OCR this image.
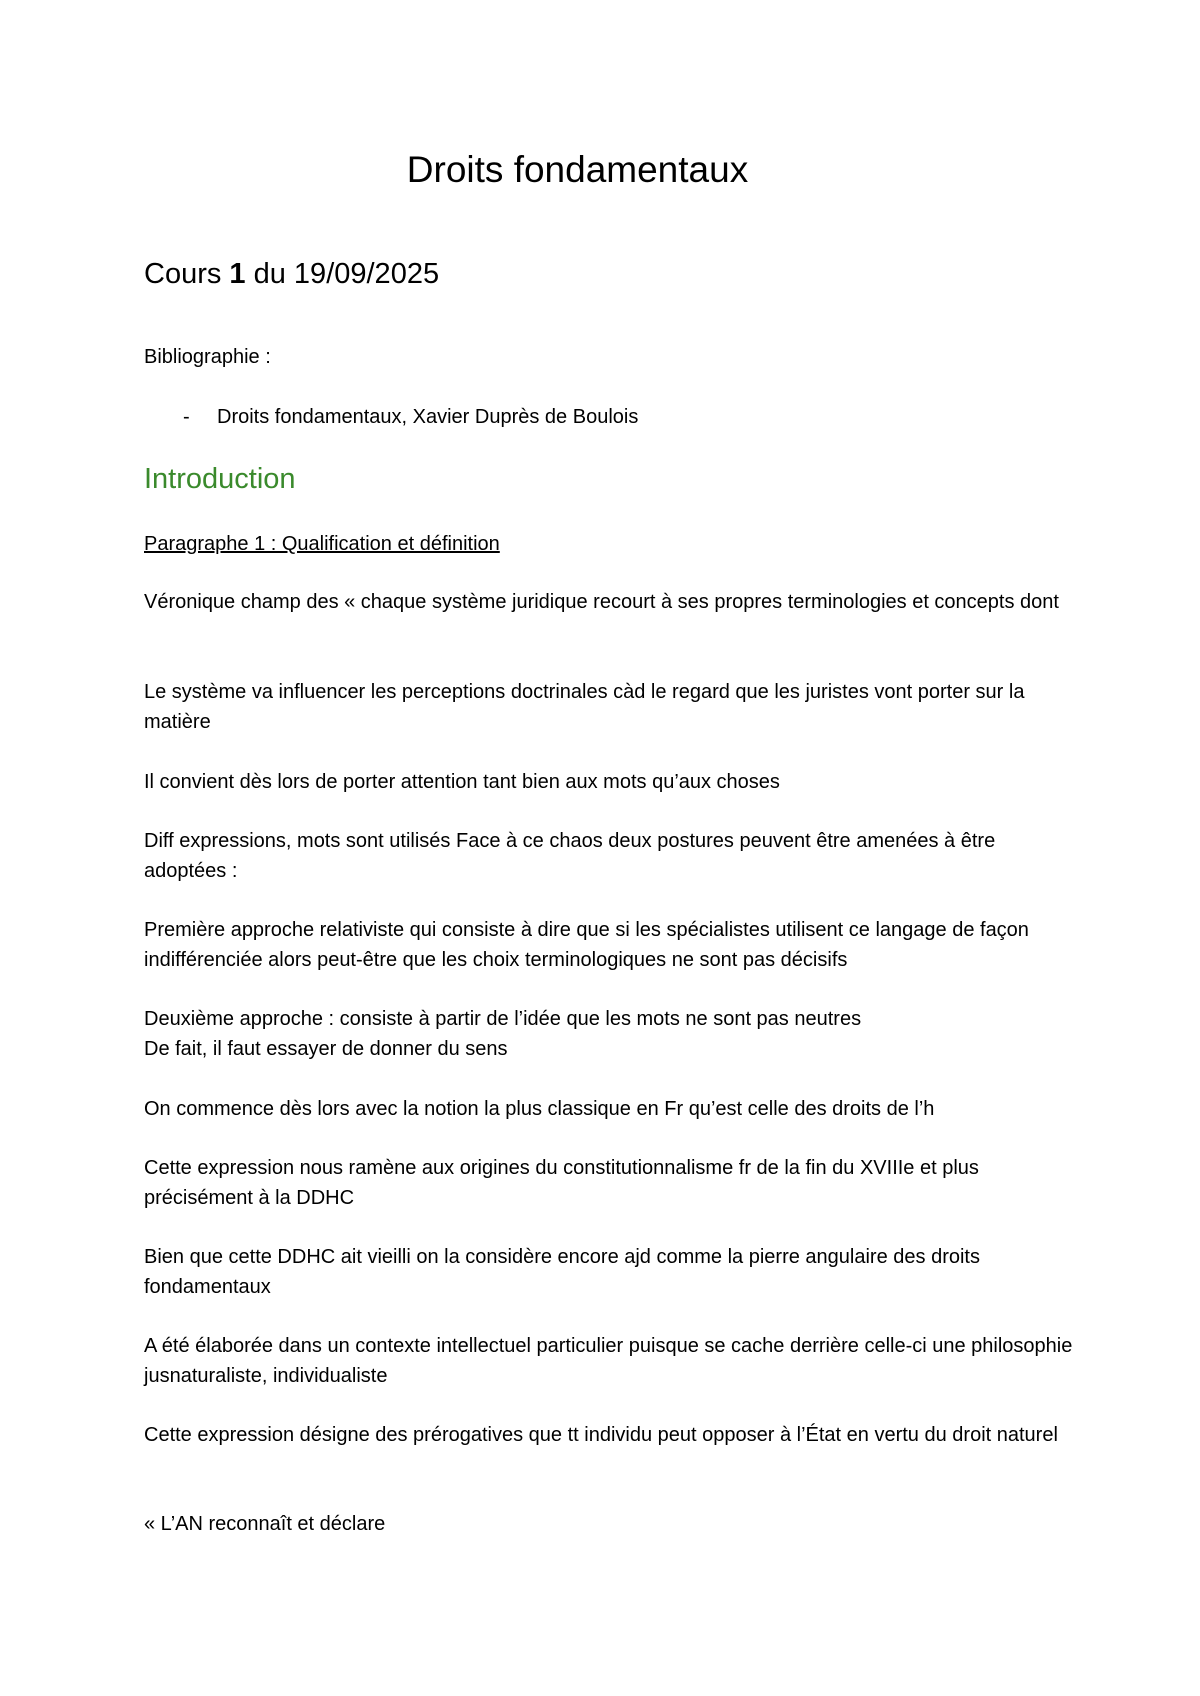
Droits fondamentaux
Cours 1 du 19/09/2025

Bibliographie :

- Droits fondamentaux, Xavier Duprès de Boulois

Introduction

Paragraphe 1 : Qualification et définition

Véronique champ des « chaque système juridique recourt à ses propres terminologies et concepts dont

Le système va influencer les perceptions doctrinales càd le regard que les juristes vont porter sur la matière

Il convient dès lors de porter attention tant bien aux mots qu’aux choses

Diff expressions, mots sont utilisés Face à ce chaos deux postures peuvent être amenées à être adoptées :

Première approche relativiste qui consiste à dire que si les spécialistes utilisent ce langage de façon indifférenciée alors peut-être que les choix terminologiques ne sont pas décisifs

Deuxième approche : consiste à partir de l’idée que les mots ne sont pas neutres

De fait, il faut essayer de donner du sens

On commence dès lors avec la notion la plus classique en Fr qu’est celle des droits de l’h

Cette expression nous ramène aux origines du constitutionnalisme fr de la fin du XVIIIe et plus précisément à la DDHC

Bien que cette DDHC ait vieilli on la considère encore ajd comme la pierre angulaire des droits fondamentaux

A été élaborée dans un contexte intellectuel particulier puisque se cache derrière celle-ci une philosophie jusnaturaliste, individualiste

Cette expression désigne des prérogatives que tt individu peut opposer à l’État en vertu du droit naturel

« L’AN reconnaît et déclare
